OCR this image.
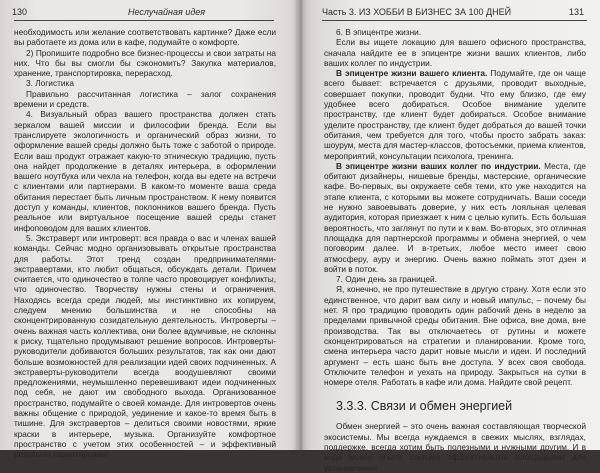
130	Неслучайная идея

необходимость или желание соответствовать картинке? Даже если вы работаете из дома или в кафе, подумайте о комфорте.

2) Пропишите подробно все бизнес-процессы и свои затраты на них. Что бы вы смогли бы сэкономить? Закупка материалов, хранение, транспортировка, перерасход.

3. Логистика

Правильно рассчитанная логистика – залог сохранения времени и средств.

4. Визуальный образ вашего пространства должен стать зеркалом вашей миссии и философии бренда. Если вы транслируете экологичность и органический образ жизни, то оформление вашей среды должно быть тоже с заботой о природе. Если ваш продукт отражает какую-то этническую традицию, пусть она найдет продолжение в деталях интерьера, в оформлении вашего ноутбука или чехла на телефон, когда вы едете на встречи с клиентами или партнерами. В каком-то моменте ваша среда обитания перестает быть личным пространством. К нему появится доступ у команды, клиентов, поклонников вашего бренда. Пусть реальное или виртуальное посещение вашей среды станет инфоповодом для ваших клиентов.

5. Экстраверт или интроверт: вся правда о вас и членах вашей команды. Сейчас модно организовывать открытые пространства для работы. Этот тренд создан предпринимателями-экстравертами, кто любит общаться, обсуждать детали. Причем считается, что одиночество в толпе часто провоцирует конфликты, что одиночество. Творчеству нужны стены и ограничения. Находясь всегда среди людей, мы инстинктивно их копируем, следуем мнению большинства и не способны на сконцентрированную созидательную деятельность. Интроверты – очень важная часть коллектива, они более вдумчивые, не склонны к риску, тщательно продумывают решение вопросов. Интроверты-руководители добиваются больших результатов, так как они дают больше возможностей для реализации идей своих подчиненных. А экстраверты-руководители всегда воодушевляют своими предложениями, неумышленно перевешивают идеи подчиненных под себя, не дают им свободного выхода. Организованное пространство, подумайте о своей команде. Для интровертов очень важны общение с природой, уединение и какое-то время быть в тишине. Для экстравертов – делиться своими новостями, яркие краски в интерьере, музыка. Организуйте комфортное пространство с учетом этих особенностей – и эффективный результат гарантирован!

Часть 3. ИЗ ХОББИ В БИЗНЕС ЗА 100 ДНЕЙ	131

6. В эпицентре жизни.

Если вы ищете локацию для вашего офисного пространства, сначала найдите ее в эпицентре жизни ваших клиентов, либо ваших коллег по индустрии.

В эпицентре жизни вашего клиента. Подумайте, где он чаще всего бывает: встречается с друзьями, проводит выходные, совершает покупки, проводит будни. Что ему близко, где ему удобнее всего добираться. Особое внимание уделите пространству, где клиент будет добираться. Особое внимание уделите пространству, где клиент будет добраться до вашей точки обитания, чем требуется для того, чтобы просто забрать заказ: шоурум, места для мастер-классов, фотосъемки, приема клиентов, мероприятий, консультации психолога, тренинга.

В эпицентре жизни ваших коллег по индустрии. Места, где обитают дизайнеры, нишевые бренды, мастерские, органические кафе. Во-первых, вы окружаете себя теми, кто уже находится на этапе клиента, с которыми вы можете сотрудничать. Ваши соседи не нужно завоевывать доверие, у них есть лояльная целевая аудитория, которая приезжает к ним с целью купить. Есть большая вероятность, что заглянут по пути и к вам. Во-вторых, это отличная площадка для партнерской программы и обмена энергией, о чем поговорим далее. И в-третьих, любое место имеет свою атмосферу, ауру и энергию. Очень важно поймать этот дзен и войти в поток.

7. Один день за границей.

Я, конечно, не про путешествие в другую страну. Хотя если это единственное, что дарит вам силу и новый импульс, – почему бы нет. Я про традицию проводить один рабочий день в неделю за пределами привычной среды обитания. Вне офиса, вне дома, вне производства. Так вы отключаетесь от рутины и можете сконцентрироваться на стратегии и планировании. Кроме того, смена интерьера часто дарит новые мысли и идеи. И последний аргумент – есть шанс быть вне доступа. У всех своя свобода. Отключите телефон и уехать на природу. Закрыться на сутки в номере отеля. Работать в кафе или дома. Найдите свой рецепт.

3.3.3. Связи и обмен энергией

Обмен энергией – это очень важная составляющая творческой экосистемы. Мы всегда нуждаемся в свежих мыслях, взглядах, поддержке, всегда хотим быть полезными и нужными другим. И в ходе моего опыта самыми эффективными площадками для установления
